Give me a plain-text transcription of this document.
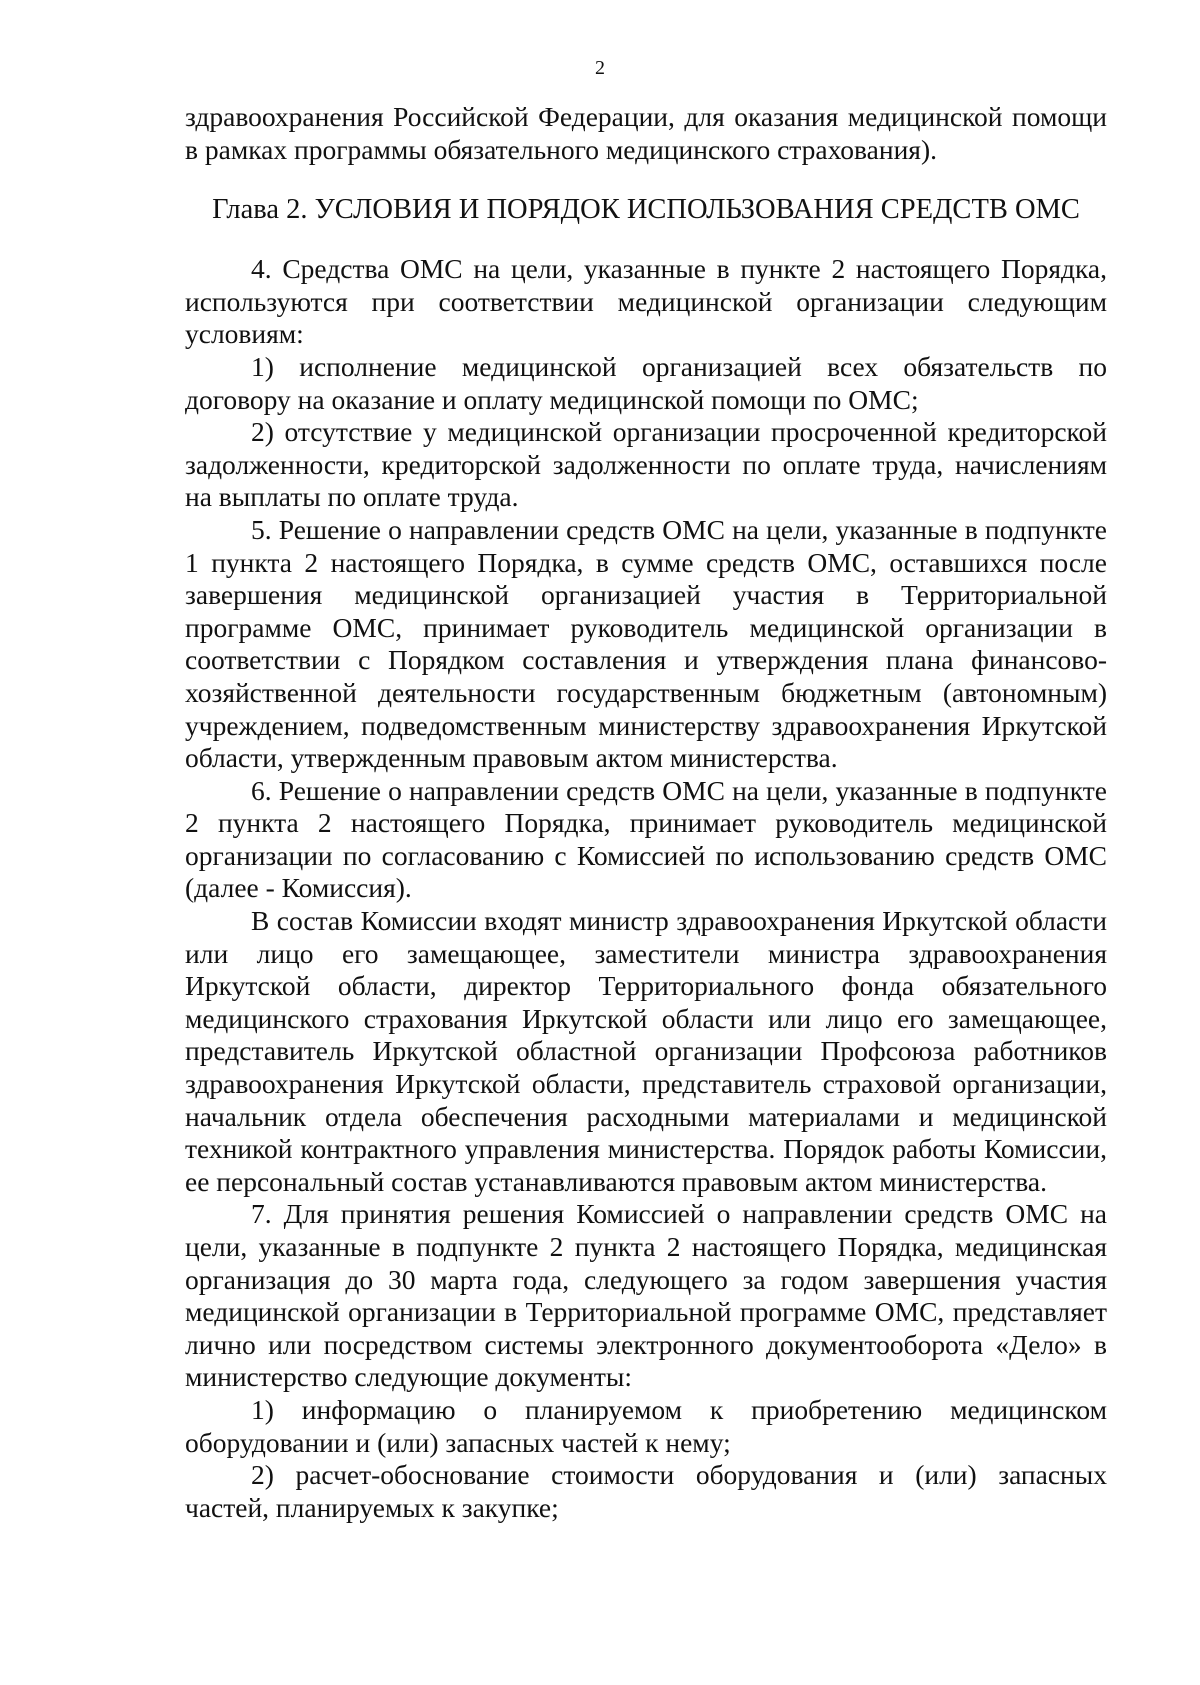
2

здравоохранения Российской Федерации, для оказания медицинской помощи в рамках программы обязательного медицинского страхования).

Глава 2. УСЛОВИЯ И ПОРЯДОК ИСПОЛЬЗОВАНИЯ СРЕДСТВ ОМС

4. Средства ОМС на цели, указанные в пункте 2 настоящего Порядка, используются при соответствии медицинской организации следующим условиям:

1) исполнение медицинской организацией всех обязательств по договору на оказание и оплату медицинской помощи по ОМС;

2) отсутствие у медицинской организации просроченной кредиторской задолженности, кредиторской задолженности по оплате труда, начислениям на выплаты по оплате труда.

5. Решение о направлении средств ОМС на цели, указанные в подпункте 1 пункта 2 настоящего Порядка, в сумме средств ОМС, оставшихся после завершения медицинской организацией участия в Территориальной программе ОМС, принимает руководитель медицинской организации в соответствии с Порядком составления и утверждения плана финансово-хозяйственной деятельности государственным бюджетным (автономным) учреждением, подведомственным министерству здравоохранения Иркутской области, утвержденным правовым актом министерства.

6. Решение о направлении средств ОМС на цели, указанные в подпункте 2 пункта 2 настоящего Порядка, принимает руководитель медицинской организации по согласованию с Комиссией по использованию средств ОМС (далее - Комиссия).

В состав Комиссии входят министр здравоохранения Иркутской области или лицо его замещающее, заместители министра здравоохранения Иркутской области, директор Территориального фонда обязательного медицинского страхования Иркутской области или лицо его замещающее, представитель Иркутской областной организации Профсоюза работников здравоохранения Иркутской области, представитель страховой организации, начальник отдела обеспечения расходными материалами и медицинской техникой контрактного управления министерства. Порядок работы Комиссии, ее персональный состав устанавливаются правовым актом министерства.

7. Для принятия решения Комиссией о направлении средств ОМС на цели, указанные в подпункте 2 пункта 2 настоящего Порядка, медицинская организация до 30 марта года, следующего за годом завершения участия медицинской организации в Территориальной программе ОМС, представляет лично или посредством системы электронного документооборота «Дело» в министерство следующие документы:

1) информацию о планируемом к приобретению медицинском оборудовании и (или) запасных частей к нему;

2) расчет-обоснование стоимости оборудования и (или) запасных частей, планируемых к закупке;
